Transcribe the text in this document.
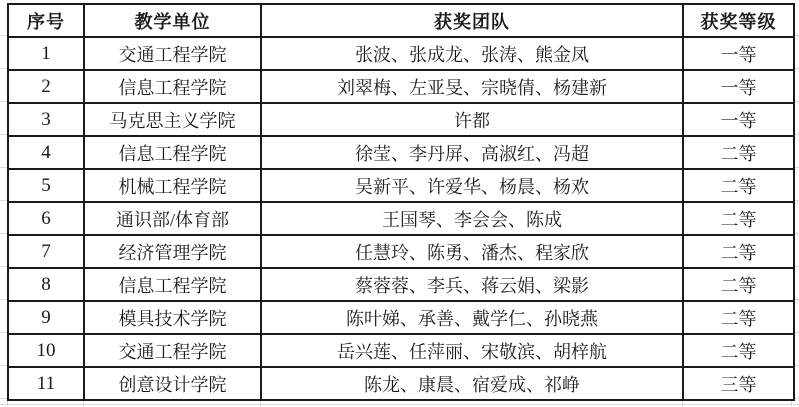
序号	教学单位	获奖团队	获奖等级
1	交通工程学院	张波、张成龙、张涛、熊金凤	一等
2	信息工程学院	刘翠梅、左亚旻、宗晓倩、杨建新	一等
3	马克思主义学院	许都	一等
4	信息工程学院	徐莹、李丹屏、高淑红、冯超	二等
5	机械工程学院	吴新平、许爱华、杨晨、杨欢	二等
6	通识部/体育部	王国琴、李会会、陈成	二等
7	经济管理学院	任慧玲、陈勇、潘杰、程家欣	二等
8	信息工程学院	蔡蓉蓉、李兵、蒋云娟、梁影	二等
9	模具技术学院	陈叶娣、承善、戴学仁、孙晓燕	二等
10	交通工程学院	岳兴莲、任萍丽、宋敬滨、胡梓航	二等
11	创意设计学院	陈龙、康晨、宿爱成、祁峥	三等
